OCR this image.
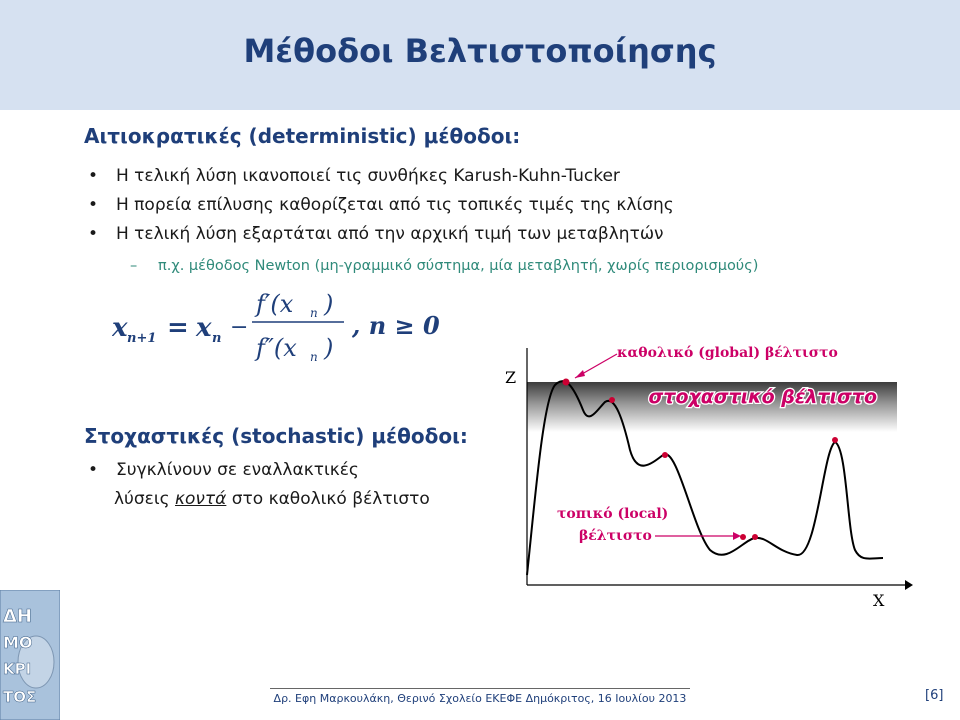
Μέθοδοι Βελτιστοποίησης
Αιτιοκρατικές (deterministic) μέθοδοι:
• Η τελική λύση ικανοποιεί τις συνθήκες Karush-Kuhn-Tucker
• Η πορεία επίλυσης καθορίζεται από τις τοπικές τιμές της κλίσης
• Η τελική λύση εξαρτάται από την αρχική τιμή των μεταβλητών
– π.χ. μέθοδος Newton (μη-γραμμικό σύστημα, μία μεταβλητή, χωρίς περιορισμούς)
x n+1 = x n −
f′(x n )
f″(x n )
, n ≥ 0
Στοχαστικές (stochastic) μέθοδοι:
• Συγκλίνουν σε εναλλακτικές
λύσεις κοντά στο καθολικό βέλτιστο
στοχαστικό βέλτιστο
Z
X
καθολικό (global) βέλτιστο
τοπικό (local)
βέλτιστο
ΔΗ
ΜΟ
ΚΡΙ
ΤΟΣ	Δρ. Εφη Μαρκουλάκη, Θερινό Σχολείο ΕΚΕΦΕ Δημόκριτος, 16 Ιουλίου 2013	[6]
